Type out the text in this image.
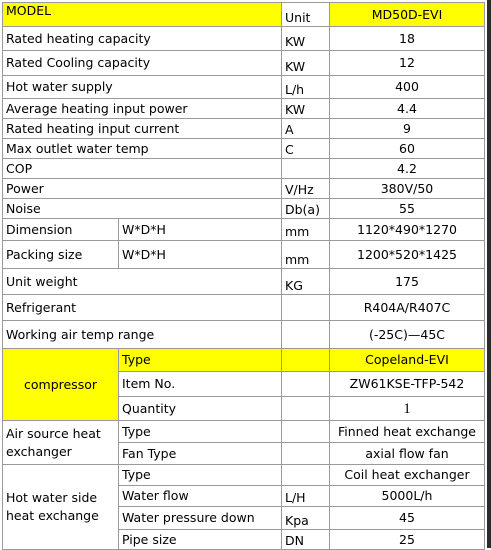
MODEL		Unit	MD50D-EVI
Rated heating capacity		KW	18
Rated Cooling capacity		KW	12
Hot water supply		L/h	400
Average heating input power		KW	4.4
Rated heating input current		A	9
Max outlet water temp		C	60
COP			4.2
Power		V/Hz	380V/50
Noise		Db(a)	55
Dimension	W*D*H	mm	1120*490*1270
Packing size	W*D*H	mm	1200*520*1425
Unit weight		KG	175
Refrigerant			R404A/R407C
Working air temp range			(-25C)—45C
compressor	Type		Copeland-EVI
	Item No.		ZW61KSE-TFP-542
	Quantity		1
Air source heat exchanger	Type		Finned heat exchange
	Fan Type		axial flow fan
Hot water side heat exchange	Type		Coil heat exchanger
	Water flow	L/H	5000L/h
	Water pressure down	Kpa	45
	Pipe size	DN	25
